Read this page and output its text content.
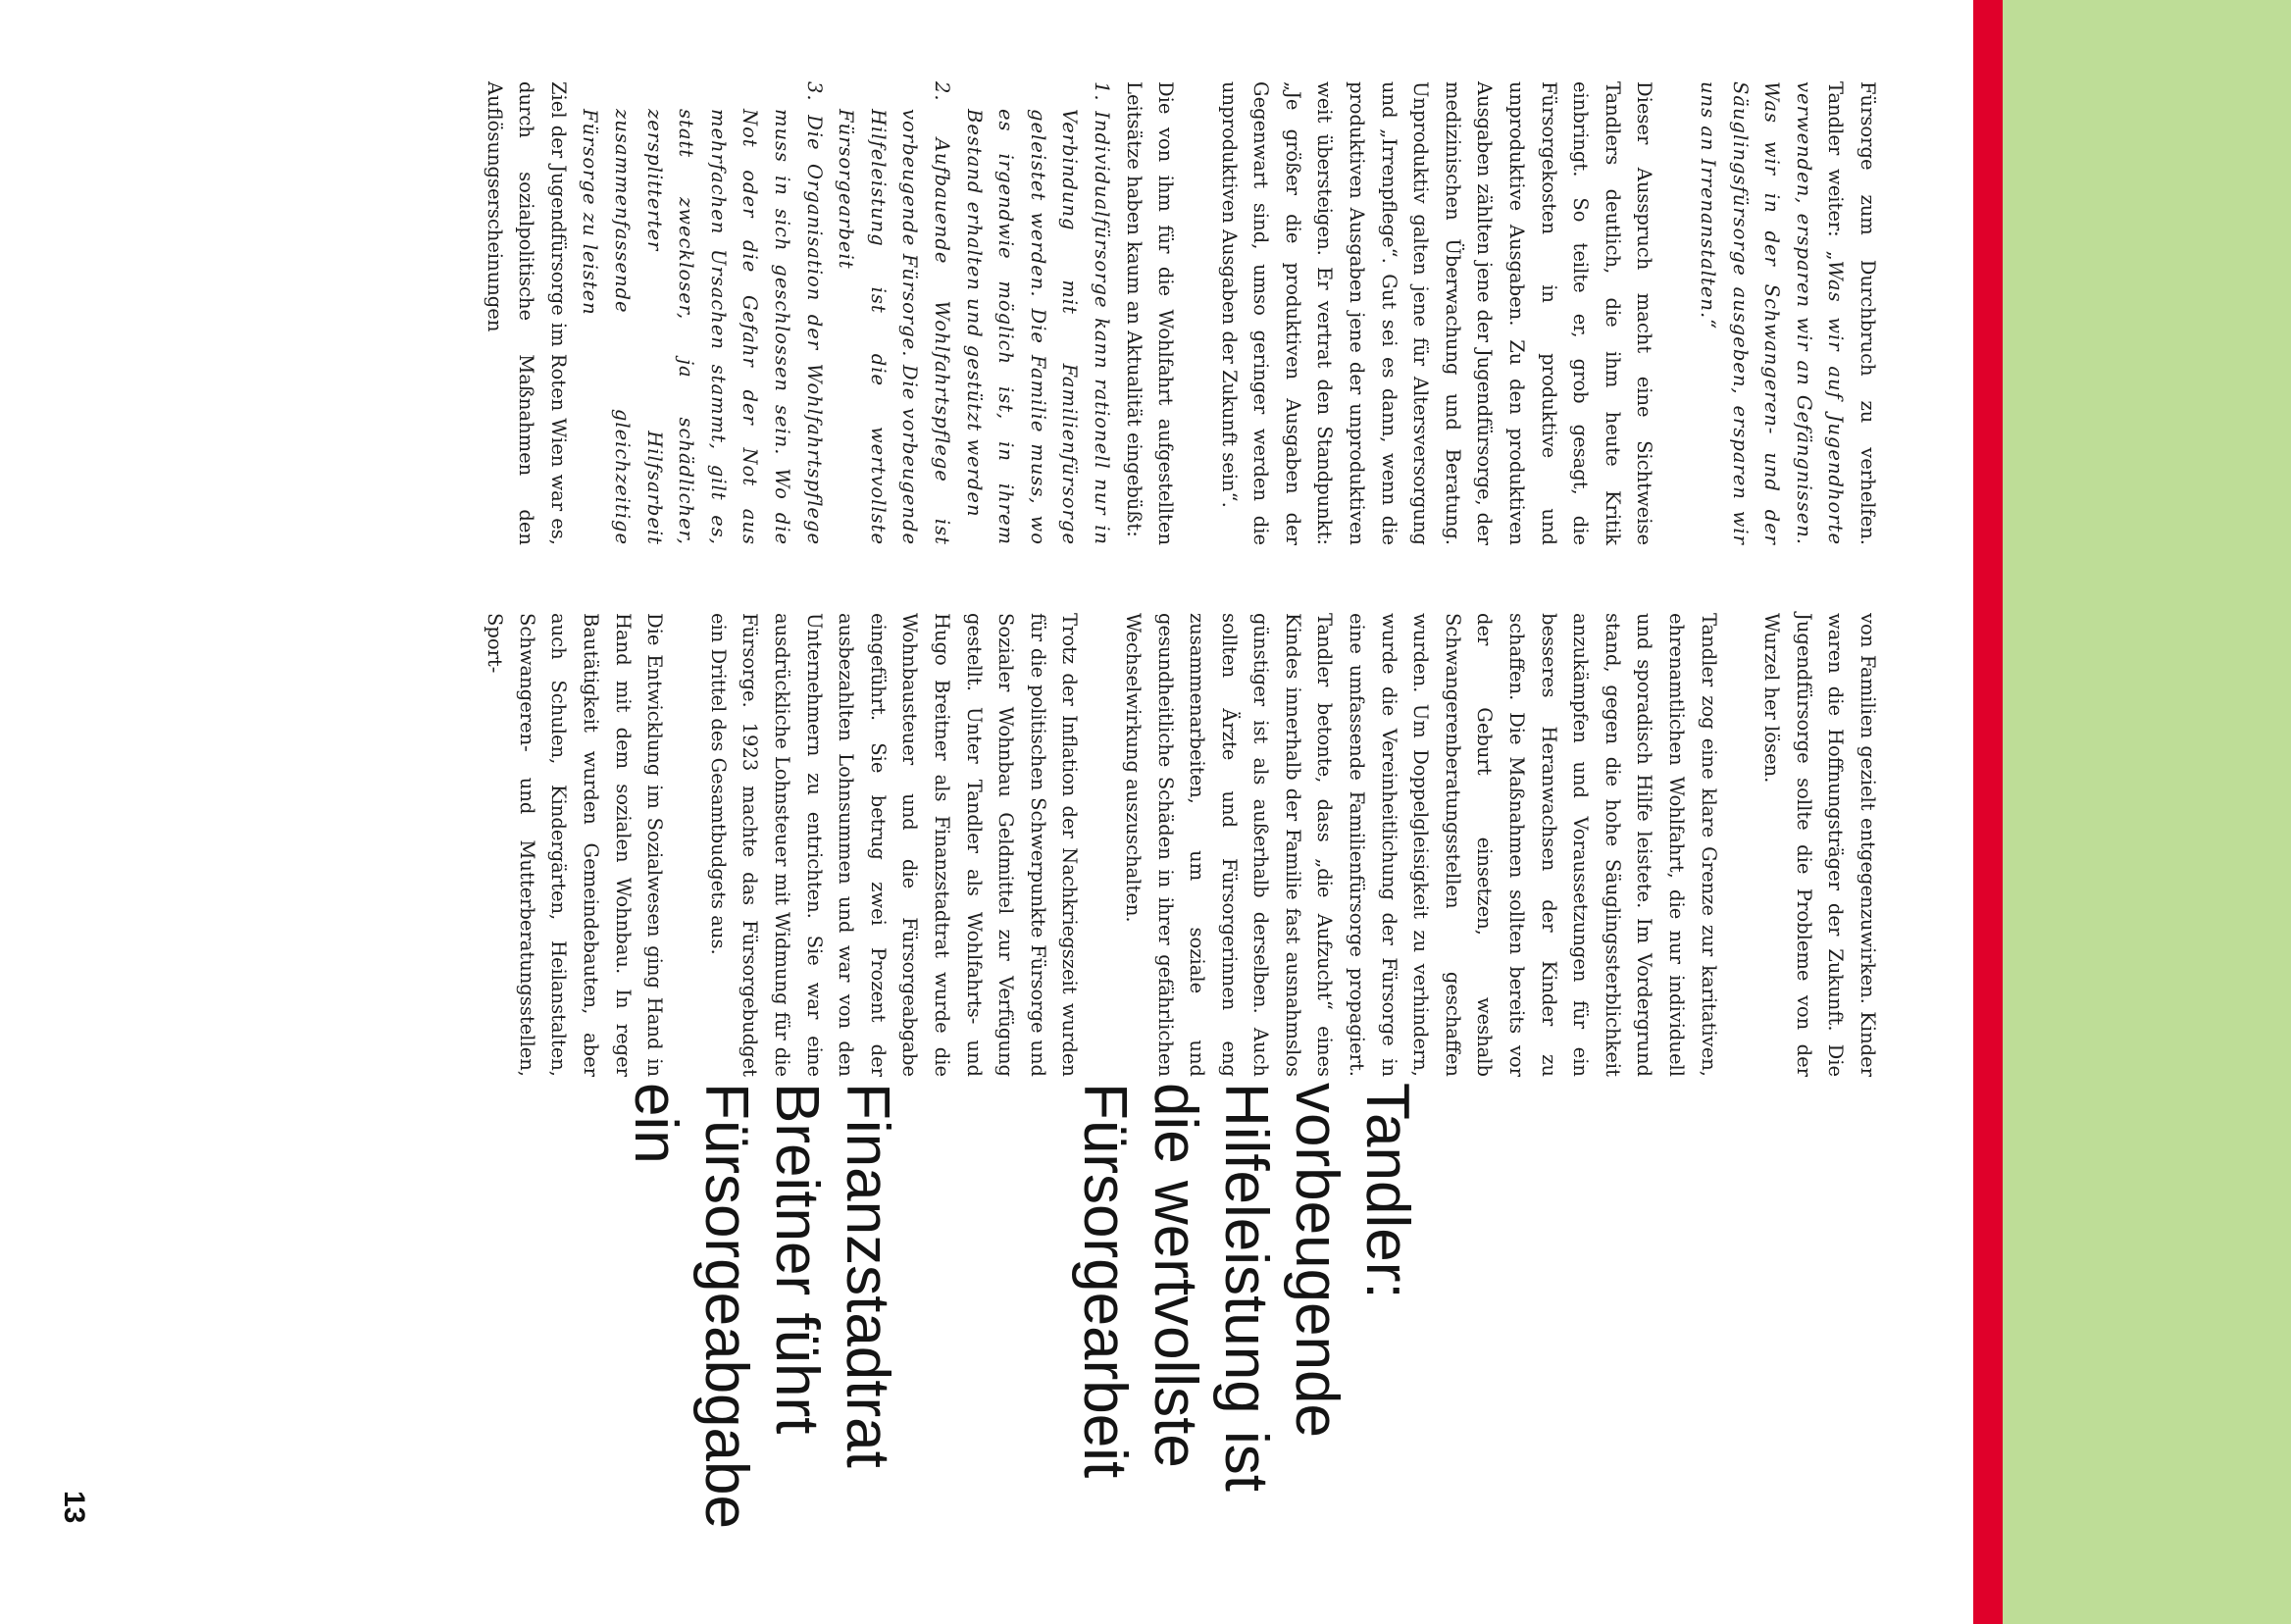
Fürsorge zum Durchbruch zu verhelfen. Tandler weiter: „Was wir auf Jugendhorte verwenden, ersparen wir an Gefängnissen. Was wir in der Schwangeren- und der Säuglingsfürsorge ausgeben, ersparen wir uns an Irrenanstalten.“

Dieser Ausspruch macht eine Sichtweise Tandlers deutlich, die ihm heute Kritik einbringt. So teilte er, grob gesagt, die Fürsorgekosten in produktive und unproduktive Ausgaben. Zu den produktiven Ausgaben zählten jene der Jugendfürsorge, der medizinischen Überwachung und Beratung. Unproduktiv galten jene für Altersversorgung und „Irrenpflege“. Gut sei es dann, wenn die produktiven Ausgaben jene der unproduktiven weit übersteigen. Er vertrat den Standpunkt: „Je größer die produktiven Ausgaben der Gegenwart sind, umso geringer werden die unproduktiven Ausgaben der Zukunft sein“.

Die von ihm für die Wohlfahrt aufgestellten Leitsätze haben kaum an Aktualität eingebüßt:

1. Individualfürsorge kann rationell nur in Verbindung mit Familienfürsorge geleistet werden. Die Familie muss, wo es irgendwie möglich ist, in ihrem Bestand erhalten und gestützt werden
2. Aufbauende Wohlfahrtspflege ist vorbeugende Fürsorge. Die vorbeugende Hilfeleistung ist die wertvollste Fürsorgearbeit
3. Die Organisation der Wohlfahrtspflege muss in sich geschlossen sein. Wo die Not oder die Gefahr der Not aus mehrfachen Ursachen stammt, gilt es, statt zweckloser, ja schädlicher, zersplitterter Hilfsarbeit zusammenfassende gleichzeitige Fürsorge zu leisten

Ziel der Jugendfürsorge im Roten Wien war es, durch sozialpolitische Maßnahmen den Auflösungserscheinungen

von Familien gezielt entgegenzuwirken. Kinder waren die Hoffnungsträger der Zukunft. Die Jugendfürsorge sollte die Probleme von der Wurzel her lösen.

Tandler zog eine klare Grenze zur karitativen, ehrenamtlichen Wohlfahrt, die nur individuell und sporadisch Hilfe leistete. Im Vordergrund stand, gegen die hohe Säuglingssterblichkeit anzukämpfen und Voraussetzungen für ein besseres Heranwachsen der Kinder zu schaffen. Die Maßnahmen sollten bereits vor der Geburt einsetzen, weshalb Schwangerenberatungsstellen geschaffen wurden. Um Doppelgleisigkeit zu verhindern, wurde die Vereinheitlichung der Fürsorge in eine umfassende Familienfürsorge propagiert. Tandler betonte, dass „die Aufzucht“ eines Kindes innerhalb der Familie fast ausnahmslos günstiger ist als außerhalb derselben. Auch sollten Ärzte und Fürsorgerinnen eng zusammenarbeiten, um soziale und gesundheitliche Schäden in ihrer gefährlichen Wechselwirkung auszuschalten.

Trotz der Inflation der Nachkriegszeit wurden für die politischen Schwerpunkte Fürsorge und Sozialer Wohnbau Geldmittel zur Verfügung gestellt. Unter Tandler als Wohlfahrts- und Hugo Breitner als Finanzstadtrat wurde die Wohnbausteuer und die Fürsorgeabgabe eingeführt. Sie betrug zwei Prozent der ausbezahlten Lohnsummen und war von den Unternehmern zu entrichten. Sie war eine ausdrückliche Lohnsteuer mit Widmung für die Fürsorge. 1923 machte das Fürsorgebudget ein Drittel des Gesamtbudgets aus.

Die Entwicklung im Sozialwesen ging Hand in Hand mit dem sozialen Wohnbau. In reger Bautätigkeit wurden Gemeindebauten, aber auch Schulen, Kindergärten, Heilanstalten, Schwangeren- und Mutterberatungsstellen, Sport-

Tandler:
vorbeugende
Hilfeleistung ist
die wertvollste
Fürsorgearbeit
Finanzstadtrat
Breitner führt
Fürsorgeabgabe
ein
13
